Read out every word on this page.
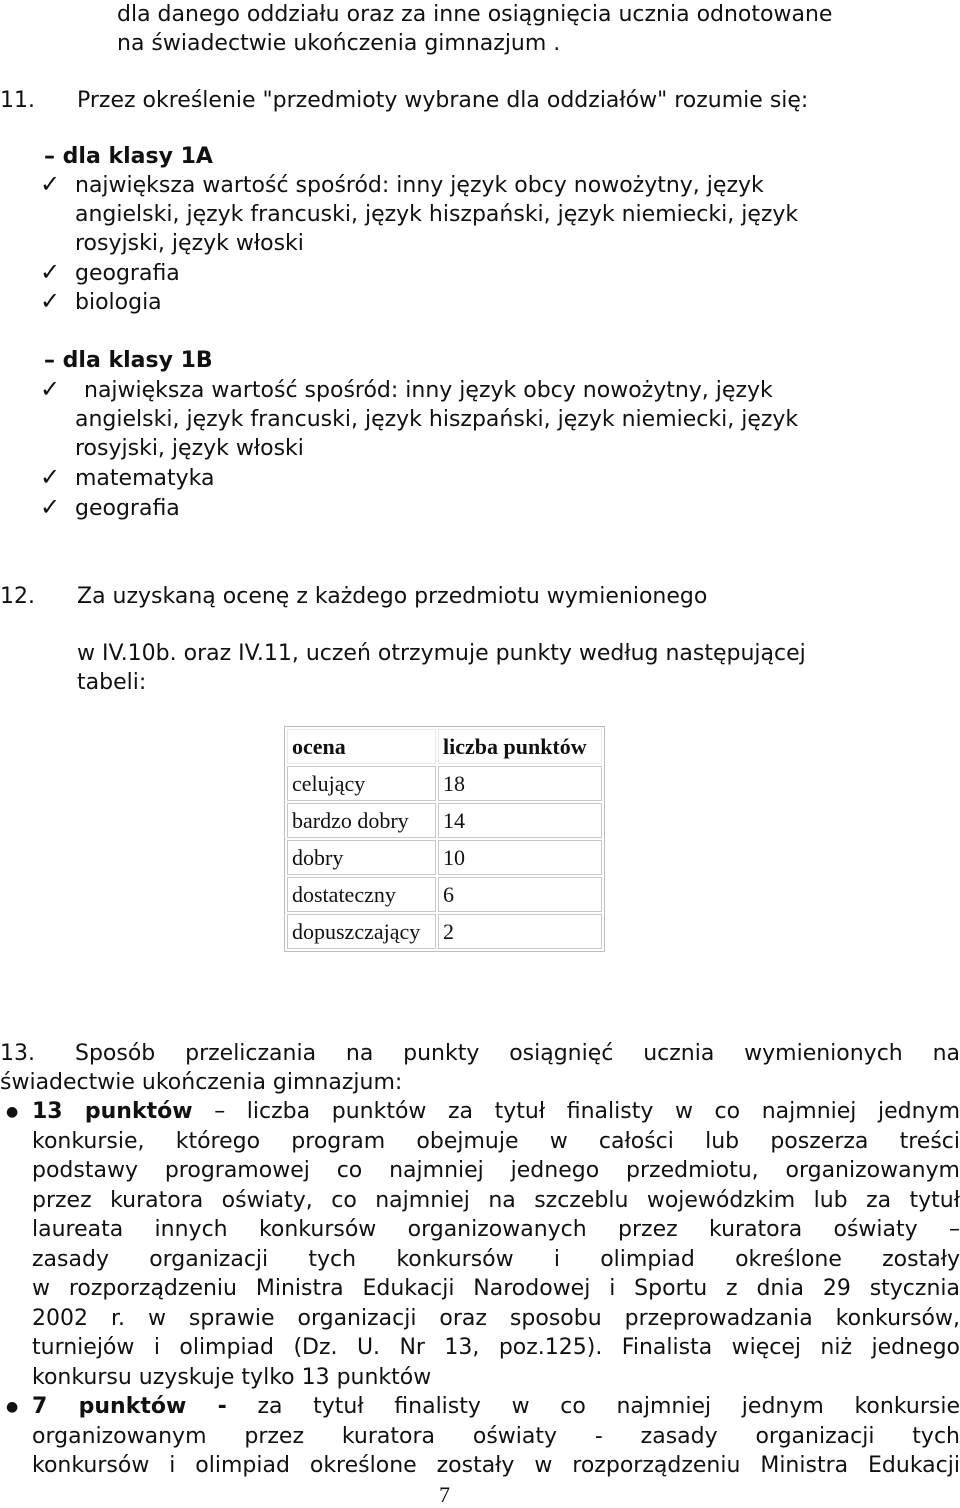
dla danego oddziału oraz za inne osiągnięcia ucznia odnotowane
na świadectwie ukończenia gimnazjum .
11. Przez określenie "przedmioty wybrane dla oddziałów" rozumie się:
– dla klasy 1A
✓ największa wartość spośród: inny język obcy nowożytny, język
angielski, język francuski, język hiszpański, język niemiecki, język
rosyjski, język włoski
✓ geografia
✓ biologia
– dla klasy 1B
✓ największa wartość spośród: inny język obcy nowożytny, język
angielski, język francuski, język hiszpański, język niemiecki, język
rosyjski, język włoski
✓ matematyka
✓ geografia
12. Za uzyskaną ocenę z każdego przedmiotu wymienionego
w IV.10b. oraz IV.11, uczeń otrzymuje punkty według następującej
tabeli:
ocena	liczba punktów
celujący	18
bardzo dobry	14
dobry	10
dostateczny	6
dopuszczający	2
13. Sposób przeliczania na punkty osiągnięć ucznia wymienionych na
świadectwie ukończenia gimnazjum:
● 13 punktów – liczba punktów za tytuł finalisty w co najmniej jednym
konkursie, którego program obejmuje w całości lub poszerza treści
podstawy programowej co najmniej jednego przedmiotu, organizowanym
przez kuratora oświaty, co najmniej na szczeblu wojewódzkim lub za tytuł
laureata innych konkursów organizowanych przez kuratora oświaty –
zasady organizacji tych konkursów i olimpiad określone zostały
w rozporządzeniu Ministra Edukacji Narodowej i Sportu z dnia 29 stycznia
2002 r. w sprawie organizacji oraz sposobu przeprowadzania konkursów,
turniejów i olimpiad (Dz. U. Nr 13, poz.125). Finalista więcej niż jednego
konkursu uzyskuje tylko 13 punktów
● 7 punktów - za tytuł finalisty w co najmniej jednym konkursie
organizowanym przez kuratora oświaty - zasady organizacji tych
konkursów i olimpiad określone zostały w rozporządzeniu Ministra Edukacji
7
